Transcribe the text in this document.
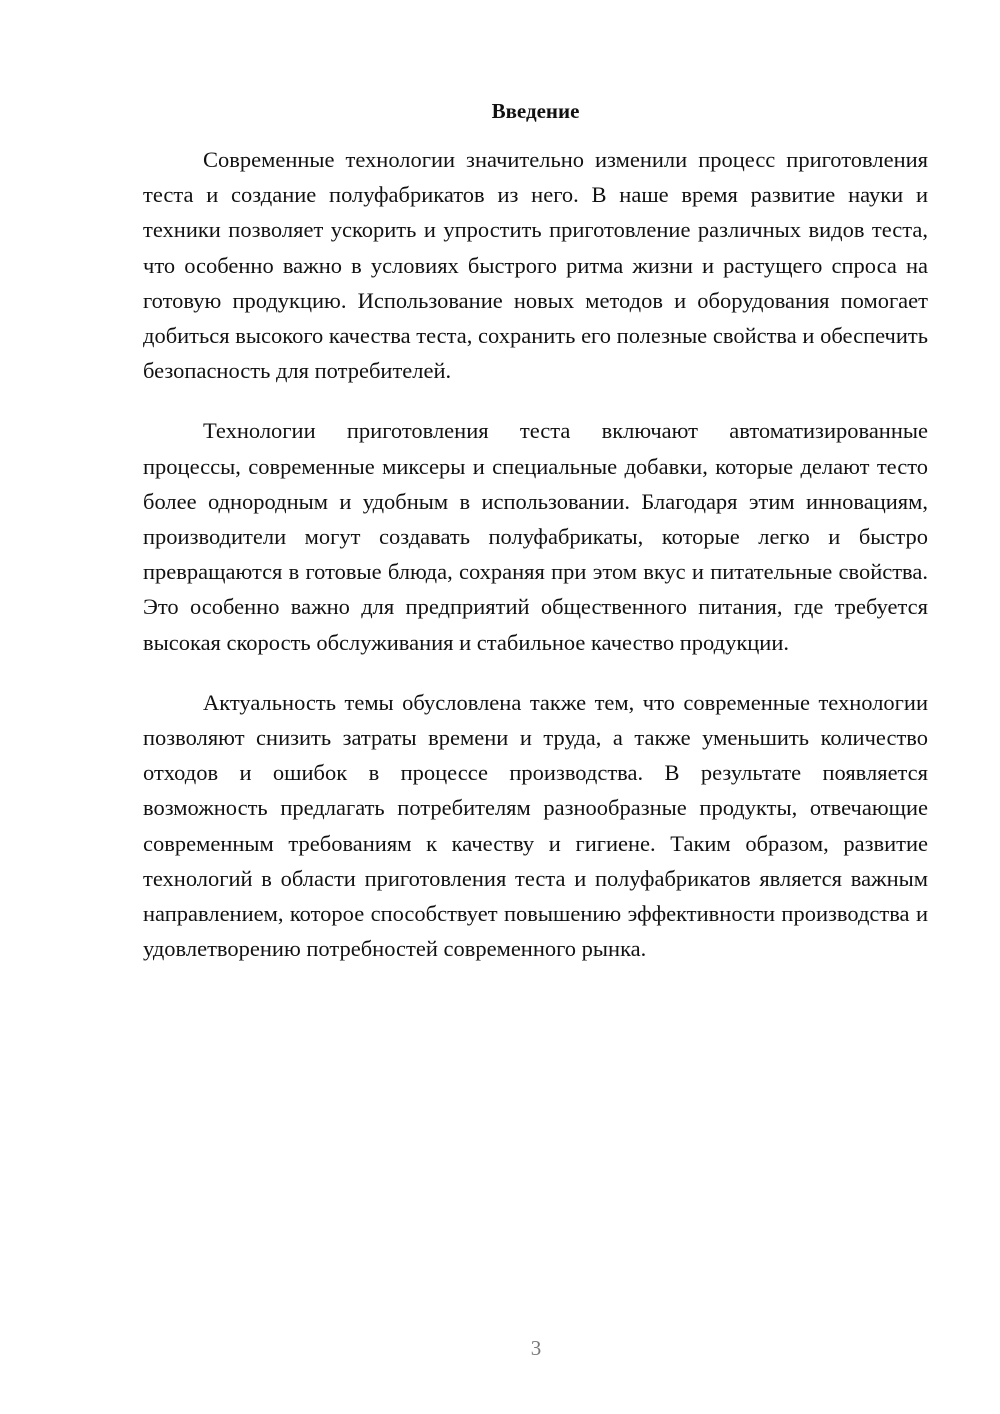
Введение

Современные технологии значительно изменили процесс приготовления теста и создание полуфабрикатов из него. В наше время развитие науки и техники позволяет ускорить и упростить приготовление различных видов теста, что особенно важно в условиях быстрого ритма жизни и растущего спроса на готовую продукцию. Использование новых методов и оборудования помогает добиться высокого качества теста, сохранить его полезные свойства и обеспечить безопасность для потребителей.

Технологии приготовления теста включают автоматизированные процессы, современные миксеры и специальные добавки, которые делают тесто более однородным и удобным в использовании. Благодаря этим инновациям, производители могут создавать полуфабрикаты, которые легко и быстро превращаются в готовые блюда, сохраняя при этом вкус и питательные свойства. Это особенно важно для предприятий общественного питания, где требуется высокая скорость обслуживания и стабильное качество продукции.

Актуальность темы обусловлена также тем, что современные технологии позволяют снизить затраты времени и труда, а также уменьшить количество отходов и ошибок в процессе производства. В результате появляется возможность предлагать потребителям разнообразные продукты, отвечающие современным требованиям к качеству и гигиене. Таким образом, развитие технологий в области приготовления теста и полуфабрикатов является важным направлением, которое способствует повышению эффективности производства и удовлетворению потребностей современного рынка.

3
